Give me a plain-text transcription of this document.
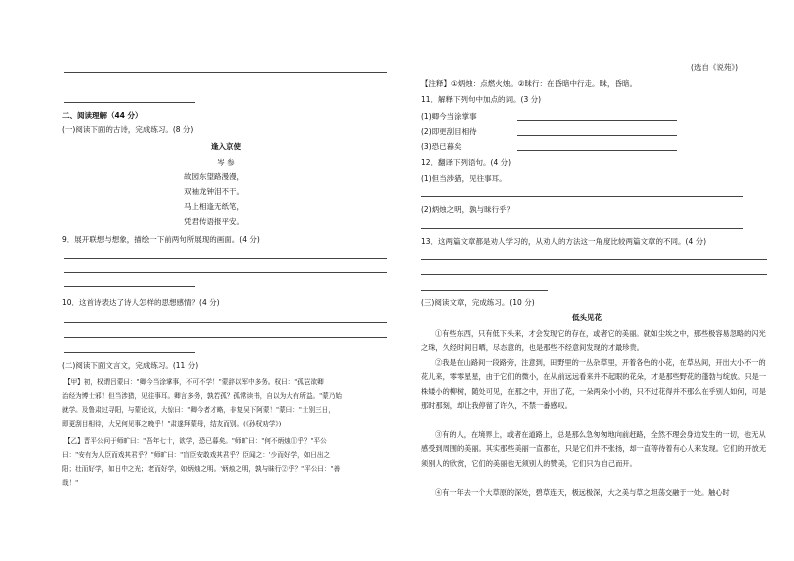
二、阅读理解（44 分）
(一)阅读下面的古诗，完成练习。(8 分)
逢入京使
岑 参
故园东望路漫漫，
双袖龙钟泪不干。
马上相逢无纸笔，
凭君传语报平安。
9．展开联想与想象，描绘一下前两句所展现的画面。(4 分)
10．这首诗表达了诗人怎样的思想感情？(4 分)
(二)阅读下面文言文，完成练习。(11 分)
【甲】初，权谓吕蒙曰："卿今当涂掌事，不可不学！"蒙辞以军中多务。权曰："孤岂欲卿
治经为博士邪！但当涉猎，见往事耳。卿言多务，孰若孤？孤常读书，自以为大有所益。"蒙乃始
就学。及鲁肃过寻阳，与蒙论议，大惊曰："卿今者才略，非复吴下阿蒙！"蒙曰："士别三日，
即更刮目相待，大兄何见事之晚乎！"肃遂拜蒙母，结友而别。(《孙权劝学》)
【乙】晋平公问于师旷曰："吾年七十，欲学，恐已暮矣。"师旷曰："何不炳烛①乎？"平公
曰："安有为人臣而戏其君乎？"师旷曰："盲臣安敢戏其君乎？臣闻之：'少而好学，如日出之
阳；壮而好学，如日中之光；老而好学，如炳烛之明。'炳烛之明，孰与昧行②乎？"平公曰："善
哉！"
(选自《说苑》)
【注释】①炳烛：点燃火烛。②昧行：在昏暗中行走。昧，昏暗。
11．解释下列句中加点的词。(3 分)
(1)卿今当涂掌事
(2)即更刮目相待
(3)恐已暮矣
12．翻译下列语句。(4 分)
(1)但当涉猎，见往事耳。
(2)炳烛之明，孰与昧行乎？
13．这两篇文章都是劝人学习的，从劝人的方法这一角度比较两篇文章的不同。(4 分)
(三)阅读文章，完成练习。(10 分)
低头见花
①有些东西，只有低下头来，才会发现它的存在，或者它的美丽。就如尘埃之中，那些极容易忽略的闪光之珠，久经时间日晒，尽态意的，也是那些不经意间发现的才最珍贵。
②我是在山路间一段路旁，注意到，田野里的一丛杂草里，开着各色的小花，在草丛间，开出大小不一的花儿来，零零星星，由于它们的微小，在从前远远看来并不起眼的花朵，才是那些野花的蓬勃与绽放。只是一株矮小的柳树，随处可见，在那之中，开出了花，一朵两朵小小的，只不过花得并不那么在乎别人如何，可是那时那刻，却让我停留了许久，不禁一番感叹。
③有的人，在境界上，或者在道路上，总是那么急匆匆地向前赶路，全然不理会身边发生的一切，也无从感受到周围的美丽。其实那些美丽一直都在，只是它们并不张扬，却一直等待着有心人来发现。它们的开放无须别人的欣赏，它们的美丽也无须别人的赞美，它们只为自己而开。
④有一年去一个大草原的深处，碧草连天，极远极深，大之美与草之坦荡交融于一处。触心时
